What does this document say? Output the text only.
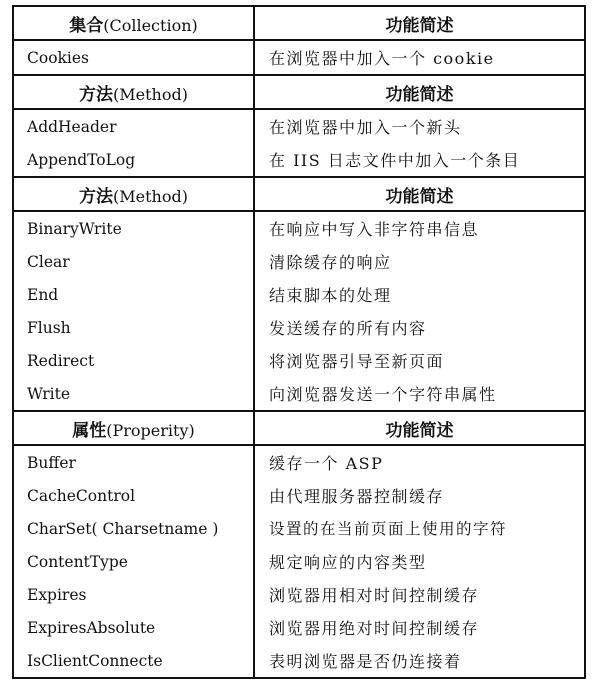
集合(Collection)	功能简述
Cookies	在浏览器中加入一个 cookie
方法(Method)	功能简述
AddHeader	在浏览器中加入一个新头
AppendToLog	在 IIS 日志文件中加入一个条目
方法(Method)	功能简述
BinaryWrite	在响应中写入非字符串信息
Clear	清除缓存的响应
End	结束脚本的处理
Flush	发送缓存的所有内容
Redirect	将浏览器引导至新页面
Write	向浏览器发送一个字符串属性
属性(Properity)	功能简述
Buffer	缓存一个 ASP
CacheControl	由代理服务器控制缓存
CharSet( Charsetname )	设置的在当前页面上使用的字符
ContentType	规定响应的内容类型
Expires	浏览器用相对时间控制缓存
ExpiresAbsolute	浏览器用绝对时间控制缓存
IsClientConnecte	表明浏览器是否仍连接着
